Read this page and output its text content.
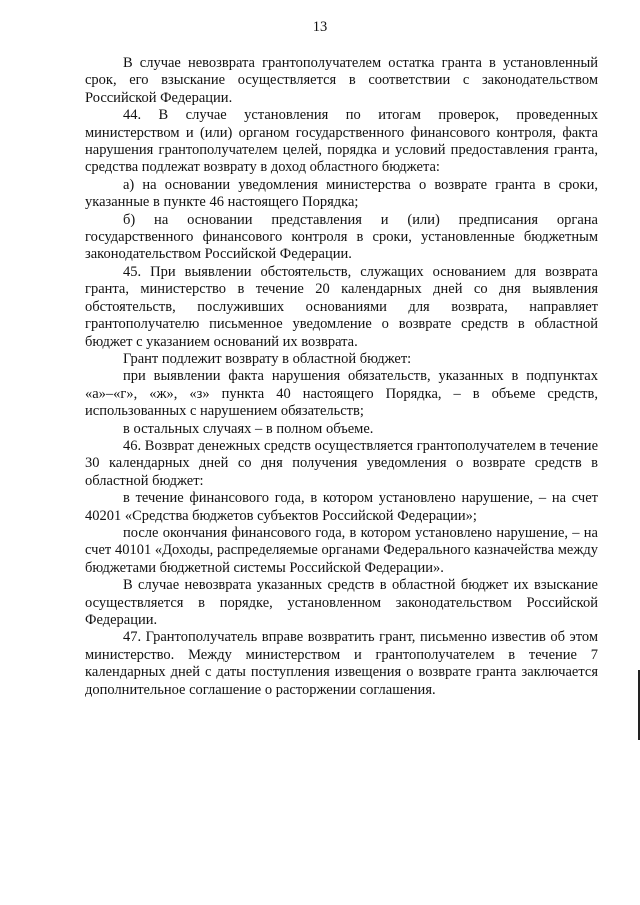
13

В случае невозврата грантополучателем остатка гранта в установленный срок, его взыскание осуществляется в соответствии с законодательством Российской Федерации.

44. В случае установления по итогам проверок, проведенных министерством и (или) органом государственного финансового контроля, факта нарушения грантополучателем целей, порядка и условий предоставления гранта, средства подлежат возврату в доход областного бюджета:

а) на основании уведомления министерства о возврате гранта в сроки, указанные в пункте 46 настоящего Порядка;

б) на основании представления и (или) предписания органа государственного финансового контроля в сроки, установленные бюджетным законодательством Российской Федерации.

45. При выявлении обстоятельств, служащих основанием для возврата гранта, министерство в течение 20 календарных дней со дня выявления обстоятельств, послуживших основаниями для возврата, направляет грантополучателю письменное уведомление о возврате средств в областной бюджет с указанием оснований их возврата.

Грант подлежит возврату в областной бюджет:

при выявлении факта нарушения обязательств, указанных в подпунктах «а»–«г», «ж», «з» пункта 40 настоящего Порядка, – в объеме средств, использованных с нарушением обязательств;

в остальных случаях – в полном объеме.

46. Возврат денежных средств осуществляется грантополучателем в течение 30 календарных дней со дня получения уведомления о возврате средств в областной бюджет:

в течение финансового года, в котором установлено нарушение, – на счет 40201 «Средства бюджетов субъектов Российской Федерации»;

после окончания финансового года, в котором установлено нарушение, – на счет 40101 «Доходы, распределяемые органами Федерального казначейства между бюджетами бюджетной системы Российской Федерации».

В случае невозврата указанных средств в областной бюджет их взыскание осуществляется в порядке, установленном законодательством Российской Федерации.

47. Грантополучатель вправе возвратить грант, письменно известив об этом министерство. Между министерством и грантополучателем в течение 7 календарных дней с даты поступления извещения о возврате гранта заключается дополнительное соглашение о расторжении соглашения.
